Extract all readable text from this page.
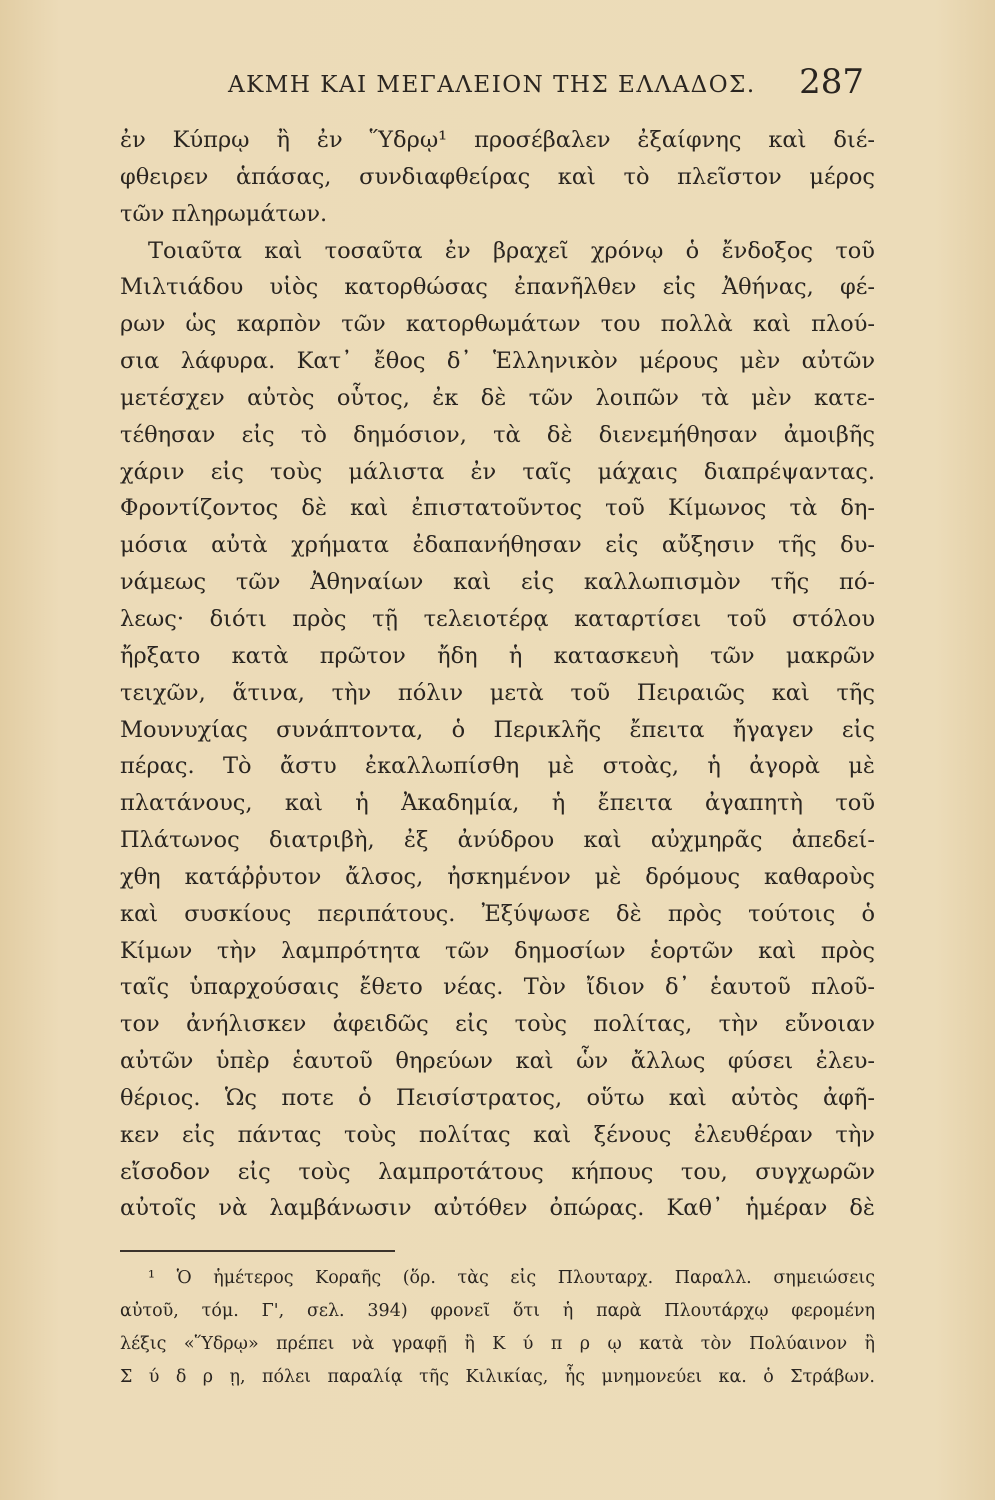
ΑΚΜΗ ΚΑΙ ΜΕΓΑΛΕΙΟΝ ΤΗΣ ΕΛΛΑΔΟΣ. 287
ἐν Κύπρῳ ἢ ἐν Ὕδρῳ¹ προσέβαλεν ἐξαίφνης καὶ διέ-
φθειρεν ἁπάσας, συνδιαφθείρας καὶ τὸ πλεῖστον μέρος
τῶν πληρωμάτων.
Τοιαῦτα καὶ τοσαῦτα ἐν βραχεῖ χρόνῳ ὁ ἔνδοξος τοῦ
Μιλτιάδου υἱὸς κατορθώσας ἐπανῆλθεν εἰς Ἀθήνας, φέ-
ρων ὡς καρπὸν τῶν κατορθωμάτων του πολλὰ καὶ πλού-
σια λάφυρα. Κατ᾽ ἔθος δ᾽ Ἑλληνικὸν μέρους μὲν αὐτῶν
μετέσχεν αὐτὸς οὗτος, ἐκ δὲ τῶν λοιπῶν τὰ μὲν κατε-
τέθησαν εἰς τὸ δημόσιον, τὰ δὲ διενεμήθησαν ἀμοιβῆς
χάριν εἰς τοὺς μάλιστα ἐν ταῖς μάχαις διαπρέψαντας.
Φροντίζοντος δὲ καὶ ἐπιστατοῦντος τοῦ Κίμωνος τὰ δη-
μόσια αὐτὰ χρήματα ἐδαπανήθησαν εἰς αὔξησιν τῆς δυ-
νάμεως τῶν Ἀθηναίων καὶ εἰς καλλωπισμὸν τῆς πό-
λεως· διότι πρὸς τῇ τελειοτέρᾳ καταρτίσει τοῦ στόλου
ἤρξατο κατὰ πρῶτον ἤδη ἡ κατασκευὴ τῶν μακρῶν
τειχῶν, ἅτινα, τὴν πόλιν μετὰ τοῦ Πειραιῶς καὶ τῆς
Μουνυχίας συνάπτοντα, ὁ Περικλῆς ἔπειτα ἤγαγεν εἰς
πέρας. Τὸ ἄστυ ἐκαλλωπίσθη μὲ στοὰς, ἡ ἀγορὰ μὲ
πλατάνους, καὶ ἡ Ἀκαδημία, ἡ ἔπειτα ἀγαπητὴ τοῦ
Πλάτωνος διατριβὴ, ἐξ ἀνύδρου καὶ αὐχμηρᾶς ἀπεδεί-
χθη κατάῤῥυτον ἄλσος, ἠσκημένον μὲ δρόμους καθαροὺς
καὶ συσκίους περιπάτους. Ἐξύψωσε δὲ πρὸς τούτοις ὁ
Κίμων τὴν λαμπρότητα τῶν δημοσίων ἑορτῶν καὶ πρὸς
ταῖς ὑπαρχούσαις ἔθετο νέας. Τὸν ἴδιον δ᾽ ἑαυτοῦ πλοῦ-
τον ἀνήλισκεν ἀφειδῶς εἰς τοὺς πολίτας, τὴν εὔνοιαν
αὐτῶν ὑπὲρ ἑαυτοῦ θηρεύων καὶ ὧν ἄλλως φύσει ἐλευ-
θέριος. Ὡς ποτε ὁ Πεισίστρατος, οὕτω καὶ αὐτὸς ἀφῆ-
κεν εἰς πάντας τοὺς πολίτας καὶ ξένους ἐλευθέραν τὴν
εἴσοδον εἰς τοὺς λαμπροτάτους κήπους του, συγχωρῶν
αὐτοῖς νὰ λαμβάνωσιν αὐτόθεν ὀπώρας. Καθ᾽ ἡμέραν δὲ
¹ Ὁ ἡμέτερος Κοραῆς (ὅρ. τὰς εἰς Πλουταρχ. Παραλλ. σημειώσεις
αὐτοῦ, τόμ. Γ', σελ. 394) φρονεῖ ὅτι ἡ παρὰ Πλουτάρχῳ φερομένη
λέξις «Ὕδρῳ» πρέπει νὰ γραφῇ ἢ Κ ύ π ρ ῳ κατὰ τὸν Πολύαινον ἢ
Σ ύ δ ρ ῃ, πόλει παραλίᾳ τῆς Κιλικίας, ἧς μνημονεύει κα. ὁ Στράβων.
